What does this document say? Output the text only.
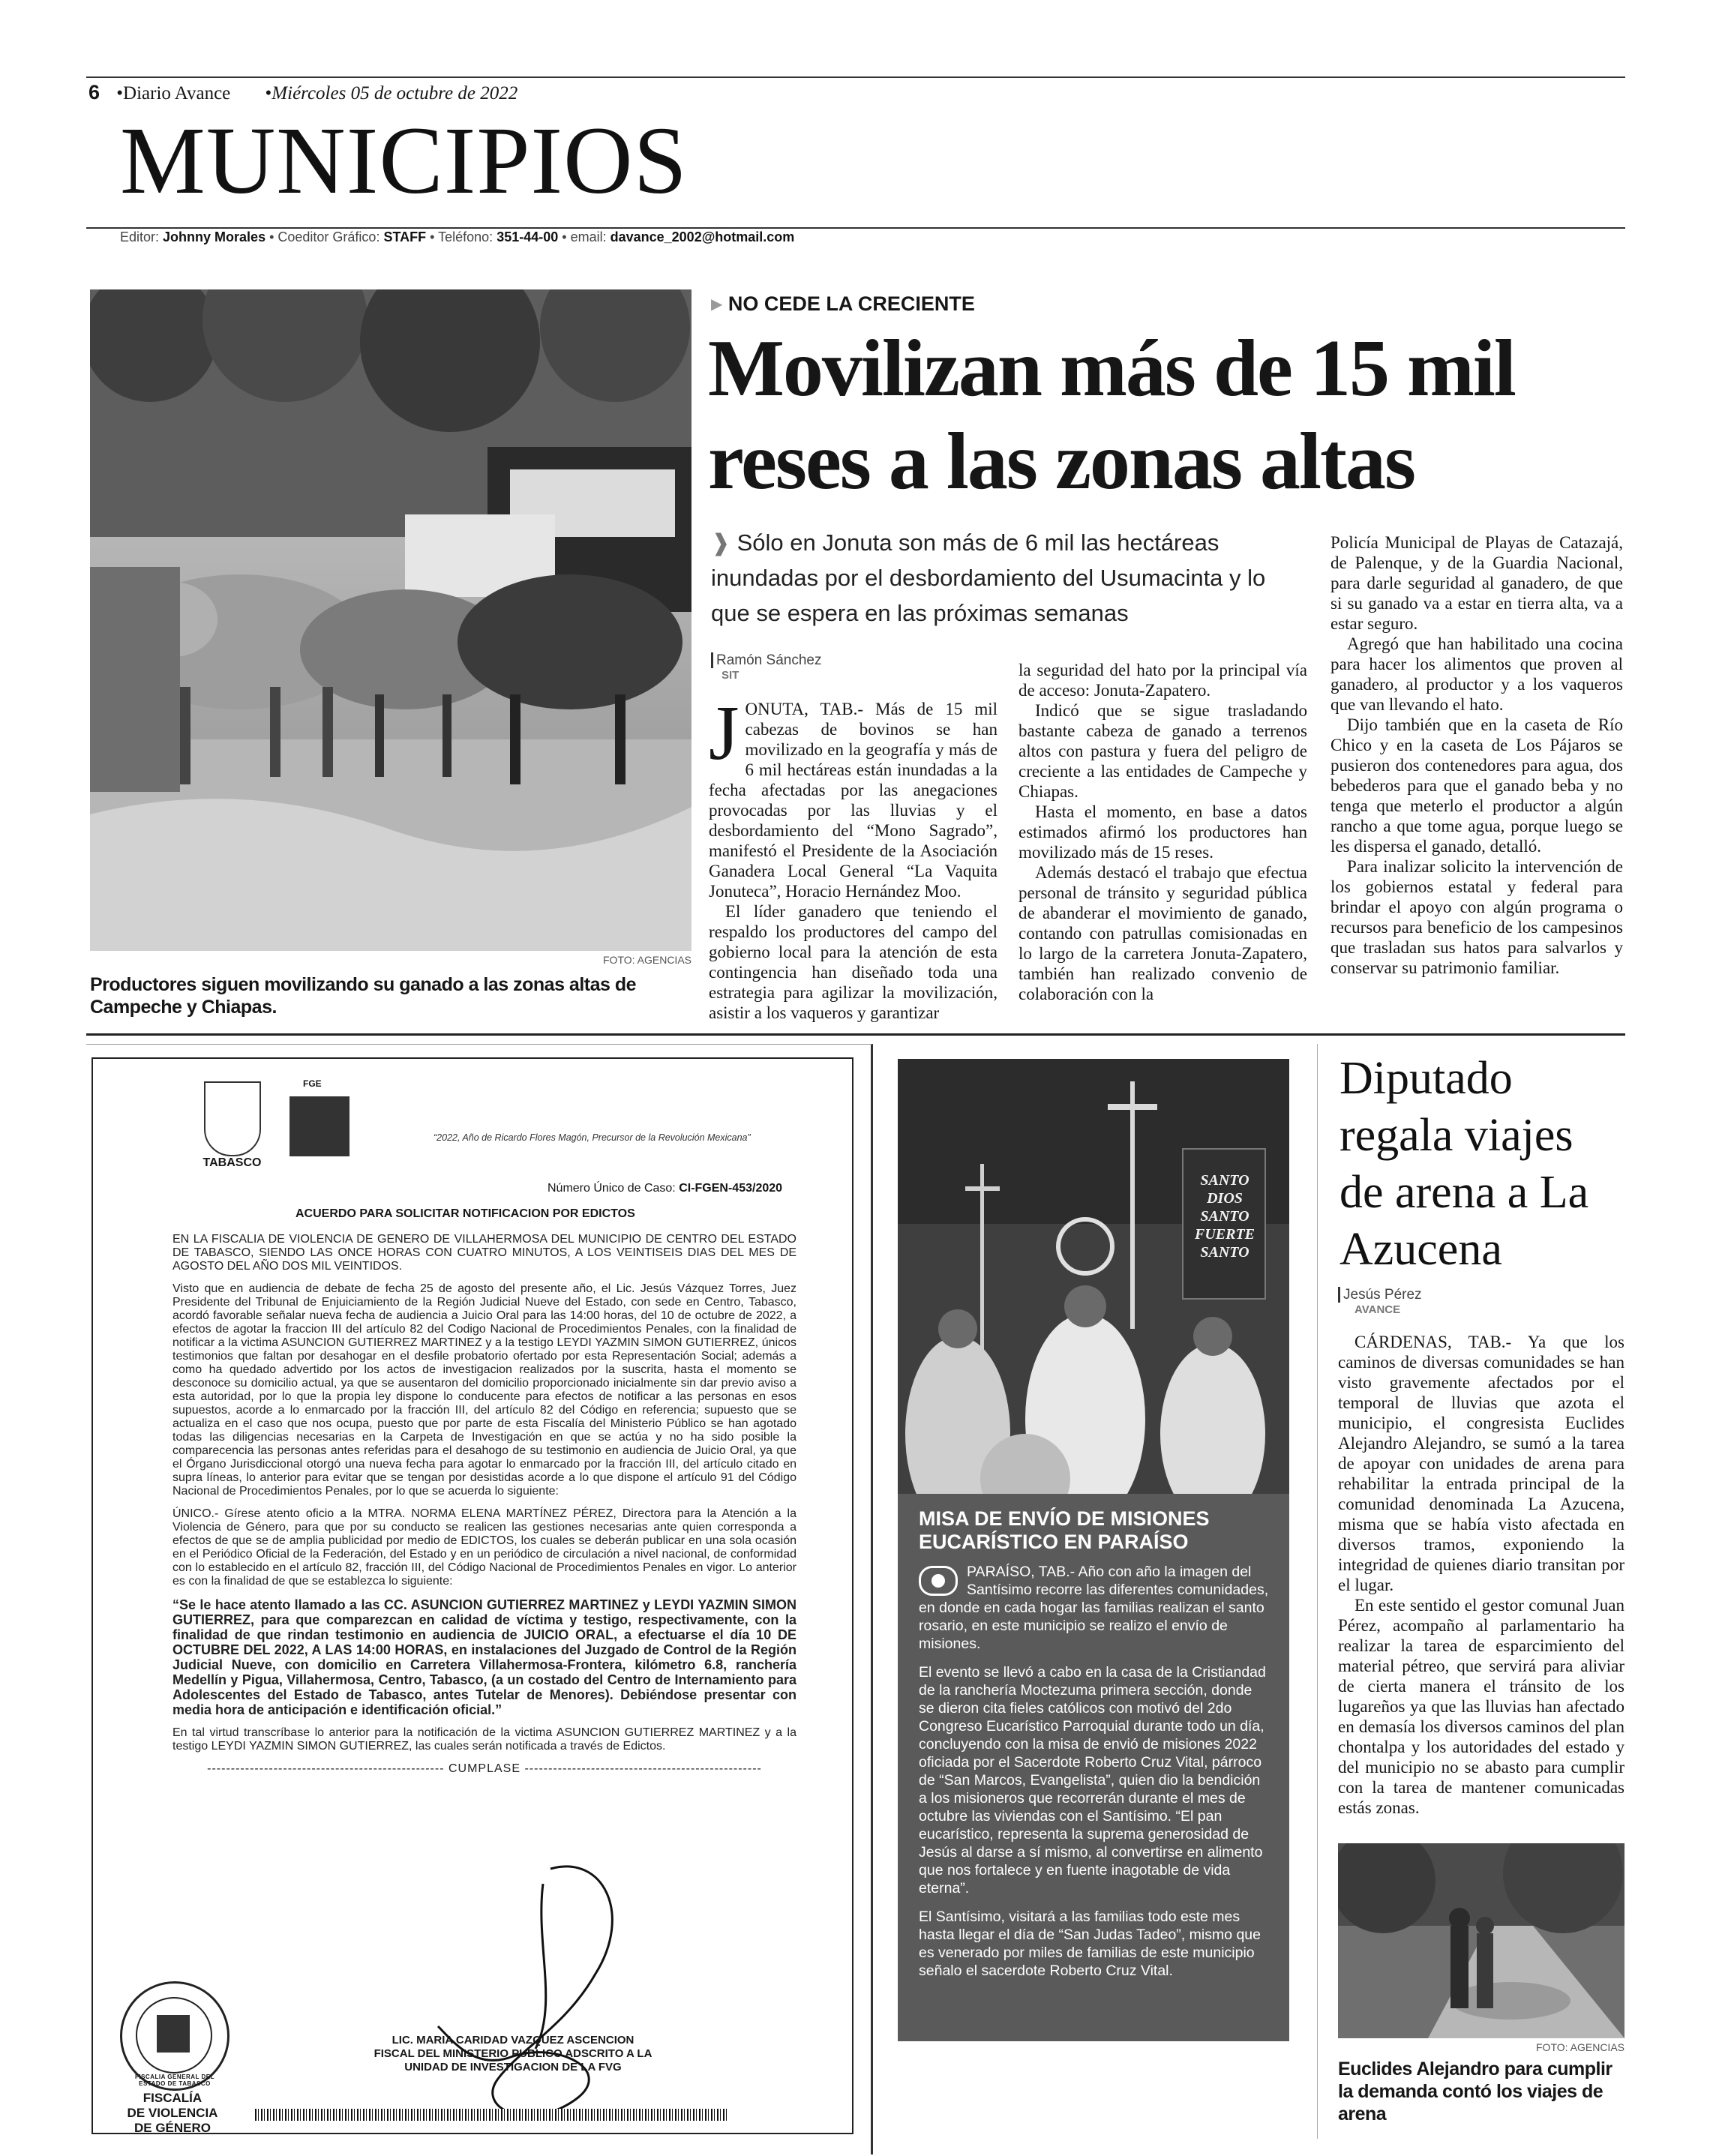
6 •Diario Avance •Miércoles 05 de octubre de 2022
MUNICIPIOS
Editor: Johnny Morales • Coeditor Gráfico: STAFF • Teléfono: 351-44-00 • email: davance_2002@hotmail.com
FOTO: AGENCIAS
Productores siguen movilizando su ganado a las zonas altas de Campeche y Chiapas.
▶ NO CEDE LA CRECIENTE
Movilizan más de 15 mil reses a las zonas altas
❱ Sólo en Jonuta son más de 6 mil las hectáreas inundadas por el desbordamiento del Usumacinta y lo que se espera en las próximas semanas
Ramón Sánchez
SIT

JONUTA, TAB.- Más de 15 mil cabezas de bovinos se han movilizado en la geografía y más de 6 mil hectáreas están inundadas a la fecha afectadas por las anegaciones provocadas por las lluvias y el desbordamiento del “Mono Sagrado”, manifestó el Presidente de la Asociación Ganadera Local General “La Vaquita Jonuteca”, Horacio Hernández Moo.

El líder ganadero que teniendo el respaldo los productores del campo del gobierno local para la atención de esta contingencia han diseñado toda una estrategia para agilizar la movilización, asistir a los vaqueros y garantizar

la seguridad del hato por la principal vía de acceso: Jonuta-Zapatero.

Indicó que se sigue trasladando bastante cabeza de ganado a terrenos altos con pastura y fuera del peligro de creciente a las entidades de Campeche y Chiapas.

Hasta el momento, en base a datos estimados afirmó los productores han movilizado más de 15 reses.

Además destacó el trabajo que efectua personal de tránsito y seguridad pública de abanderar el movimiento de ganado, contando con patrullas comisionadas en lo largo de la carretera Jonuta-Zapatero, también han realizado convenio de colaboración con la

Policía Municipal de Playas de Catazajá, de Palenque, y de la Guardia Nacional, para darle seguridad al ganadero, de que si su ganado va a estar en tierra alta, va a estar seguro.

Agregó que han habilitado una cocina para hacer los alimentos que proven al ganadero, al productor y a los vaqueros que van llevando el hato.

Dijo también que en la caseta de Río Chico y en la caseta de Los Pájaros se pusieron dos contenedores para agua, dos bebederos para que el ganado beba y no tenga que meterlo el productor a algún rancho a que tome agua, porque luego se les dispersa el ganado, detalló.

Para inalizar solicito la intervención de los gobiernos estatal y federal para brindar el apoyo con algún programa o recursos para beneficio de los campesinos que trasladan sus hatos para salvarlos y conservar su patrimonio familiar.

TABASCO
FGE
“2022, Año de Ricardo Flores Magón, Precursor de la Revolución Mexicana”
Número Único de Caso: CI-FGEN-453/2020
ACUERDO PARA SOLICITAR NOTIFICACION POR EDICTOS

EN LA FISCALIA DE VIOLENCIA DE GENERO DE VILLAHERMOSA DEL MUNICIPIO DE CENTRO DEL ESTADO DE TABASCO, SIENDO LAS ONCE HORAS CON CUATRO MINUTOS, A LOS VEINTISEIS DIAS DEL MES DE AGOSTO DEL AÑO DOS MIL VEINTIDOS.

Visto que en audiencia de debate de fecha 25 de agosto del presente año, el Lic. Jesús Vázquez Torres, Juez Presidente del Tribunal de Enjuiciamiento de la Región Judicial Nueve del Estado, con sede en Centro, Tabasco, acordó favorable señalar nueva fecha de audiencia a Juicio Oral para las 14:00 horas, del 10 de octubre de 2022, a efectos de agotar la fraccion III del artículo 82 del Codigo Nacional de Procedimientos Penales, con la finalidad de notificar a la victima ASUNCION GUTIERREZ MARTINEZ y a la testigo LEYDI YAZMIN SIMON GUTIERREZ, únicos testimonios que faltan por desahogar en el desfile probatorio ofertado por esta Representación Social; además a como ha quedado advertido por los actos de investigacion realizados por la suscrita, hasta el momento se desconoce su domicilio actual, ya que se ausentaron del domicilio proporcionado inicialmente sin dar previo aviso a esta autoridad, por lo que la propia ley dispone lo conducente para efectos de notificar a las personas en esos supuestos, acorde a lo enmarcado por la fracción III, del artículo 82 del Código en referencia; supuesto que se actualiza en el caso que nos ocupa, puesto que por parte de esta Fiscalía del Ministerio Público se han agotado todas las diligencias necesarias en la Carpeta de Investigación en que se actúa y no ha sido posible la comparecencia las personas antes referidas para el desahogo de su testimonio en audiencia de Juicio Oral, ya que el Órgano Jurisdiccional otorgó una nueva fecha para agotar lo enmarcado por la fracción III, del artículo citado en supra líneas, lo anterior para evitar que se tengan por desistidas acorde a lo que dispone el artículo 91 del Código Nacional de Procedimientos Penales, por lo que se acuerda lo siguiente:

ÚNICO.- Gírese atento oficio a la MTRA. NORMA ELENA MARTÍNEZ PÉREZ, Directora para la Atención a la Violencia de Género, para que por su conducto se realicen las gestiones necesarias ante quien corresponda a efectos de que se de amplia publicidad por medio de EDICTOS, los cuales se deberán publicar en una sola ocasión en el Periódico Oficial de la Federación, del Estado y en un periódico de circulación a nivel nacional, de conformidad con lo establecido en el artículo 82, fracción III, del Código Nacional de Procedimientos Penales en vigor. Lo anterior es con la finalidad de que se establezca lo siguiente:

“Se le hace atento llamado a las CC. ASUNCION GUTIERREZ MARTINEZ y LEYDI YAZMIN SIMON GUTIERREZ, para que comparezcan en calidad de víctima y testigo, respectivamente, con la finalidad de que rindan testimonio en audiencia de JUICIO ORAL, a efectuarse el día 10 DE OCTUBRE DEL 2022, A LAS 14:00 HORAS, en instalaciones del Juzgado de Control de la Región Judicial Nueve, con domicilio en Carretera Villahermosa-Frontera, kilómetro 6.8, ranchería Medellín y Pigua, Villahermosa, Centro, Tabasco, (a un costado del Centro de Internamiento para Adolescentes del Estado de Tabasco, antes Tutelar de Menores). Debiéndose presentar con media hora de anticipación e identificación oficial.”

En tal virtud transcríbase lo anterior para la notificación de la victima ASUNCION GUTIERREZ MARTINEZ y a la testigo LEYDI YAZMIN SIMON GUTIERREZ, las cuales serán notificada a través de Edictos.

-------------------------------------------------- CUMPLASE --------------------------------------------------
FISCALIA GENERAL DEL ESTADO DE TABASCO
FISCALÍA
DE VIOLENCIA
DE GÉNERO
LIC. MARIA CARIDAD VAZQUEZ ASCENCION
FISCAL DEL MINISTERIO PUBLICO ADSCRITO A LA
UNIDAD DE INVESTIGACION DE LA FVG
SANTO
DIOS
SANTO
FUERTE
SANTO
MISA DE ENVÍO DE MISIONES EUCARÍSTICO EN PARAÍSO

PARAÍSO, TAB.- Año con año la imagen del Santísimo recorre las diferentes comunidades, en donde en cada hogar las familias realizan el santo rosario, en este municipio se realizo el envío de misiones.

El evento se llevó a cabo en la casa de la Cristiandad de la ranchería Moctezuma primera sección, donde se dieron cita fieles católicos con motivó del 2do Congreso Eucarístico Parroquial durante todo un día, concluyendo con la misa de envió de misiones 2022 oficiada por el Sacerdote Roberto Cruz Vital, párroco de “San Marcos, Evangelista”, quien dio la bendición a los misioneros que recorrerán durante el mes de octubre las viviendas con el Santísimo. “El pan eucarístico, representa la suprema generosidad de Jesús al darse a sí mismo, al convertirse en alimento que nos fortalece y en fuente inagotable de vida eterna”.

El Santísimo, visitará a las familias todo este mes hasta llegar el día de “San Judas Tadeo”, mismo que es venerado por miles de familias de este municipio señalo el sacerdote Roberto Cruz Vital.

Diputado regala viajes de arena a La Azucena
Jesús Pérez
AVANCE

CÁRDENAS, TAB.- Ya que los caminos de diversas comunidades se han visto gravemente afectados por el temporal de lluvias que azota el municipio, el congresista Euclides Alejandro Alejandro, se sumó a la tarea de apoyar con unidades de arena para rehabilitar la entrada principal de la comunidad denominada La Azucena, misma que se había visto afectada en diversos tramos, exponiendo la integridad de quienes diario transitan por el lugar.

En este sentido el gestor comunal Juan Pérez, acompaño al parlamentario ha realizar la tarea de esparcimiento del material pétreo, que servirá para aliviar de cierta manera el tránsito de los lugareños ya que las lluvias han afectado en demasía los diversos caminos del plan chontalpa y los autoridades del estado y del municipio no se abasto para cumplir con la tarea de mantener comunicadas estás zonas.

FOTO: AGENCIAS
Euclides Alejandro para cumplir la demanda contó los viajes de arena
